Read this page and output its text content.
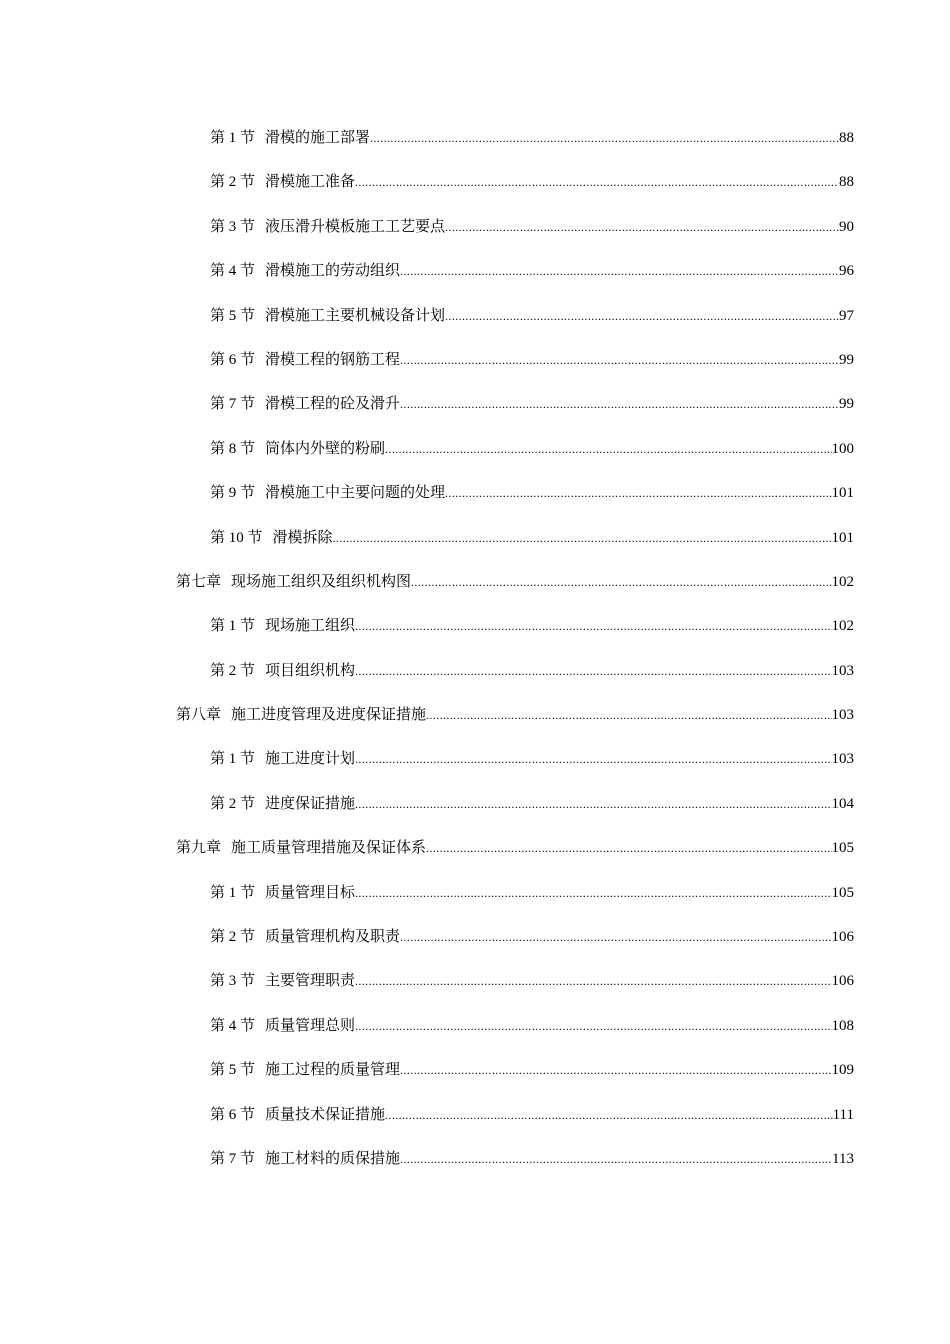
第 1 节 滑模的施工部署 .....	88
第 2 节 滑模施工准备 .....	88
第 3 节 液压滑升模板施工工艺要点 .....	90
第 4 节 滑模施工的劳动组织 .....	96
第 5 节 滑模施工主要机械设备计划 .....	97
第 6 节 滑模工程的钢筋工程 .....	99
第 7 节 滑模工程的砼及滑升 .....	99
第 8 节 筒体内外壁的粉刷 .....	100
第 9 节 滑模施工中主要问题的处理 .....	101
第 10 节 滑模拆除 .....	101
第七章 现场施工组织及组织机构图 .....	102
第 1 节 现场施工组织 .....	102
第 2 节 项目组织机构 .....	103
第八章 施工进度管理及进度保证措施 .....	103
第 1 节 施工进度计划 .....	103
第 2 节 进度保证措施 .....	104
第九章 施工质量管理措施及保证体系 .....	105
第 1 节 质量管理目标 .....	105
第 2 节 质量管理机构及职责 .....	106
第 3 节 主要管理职责 .....	106
第 4 节 质量管理总则 .....	108
第 5 节 施工过程的质量管理 .....	109
第 6 节 质量技术保证措施 .....	111
第 7 节 施工材料的质保措施 .....	113
